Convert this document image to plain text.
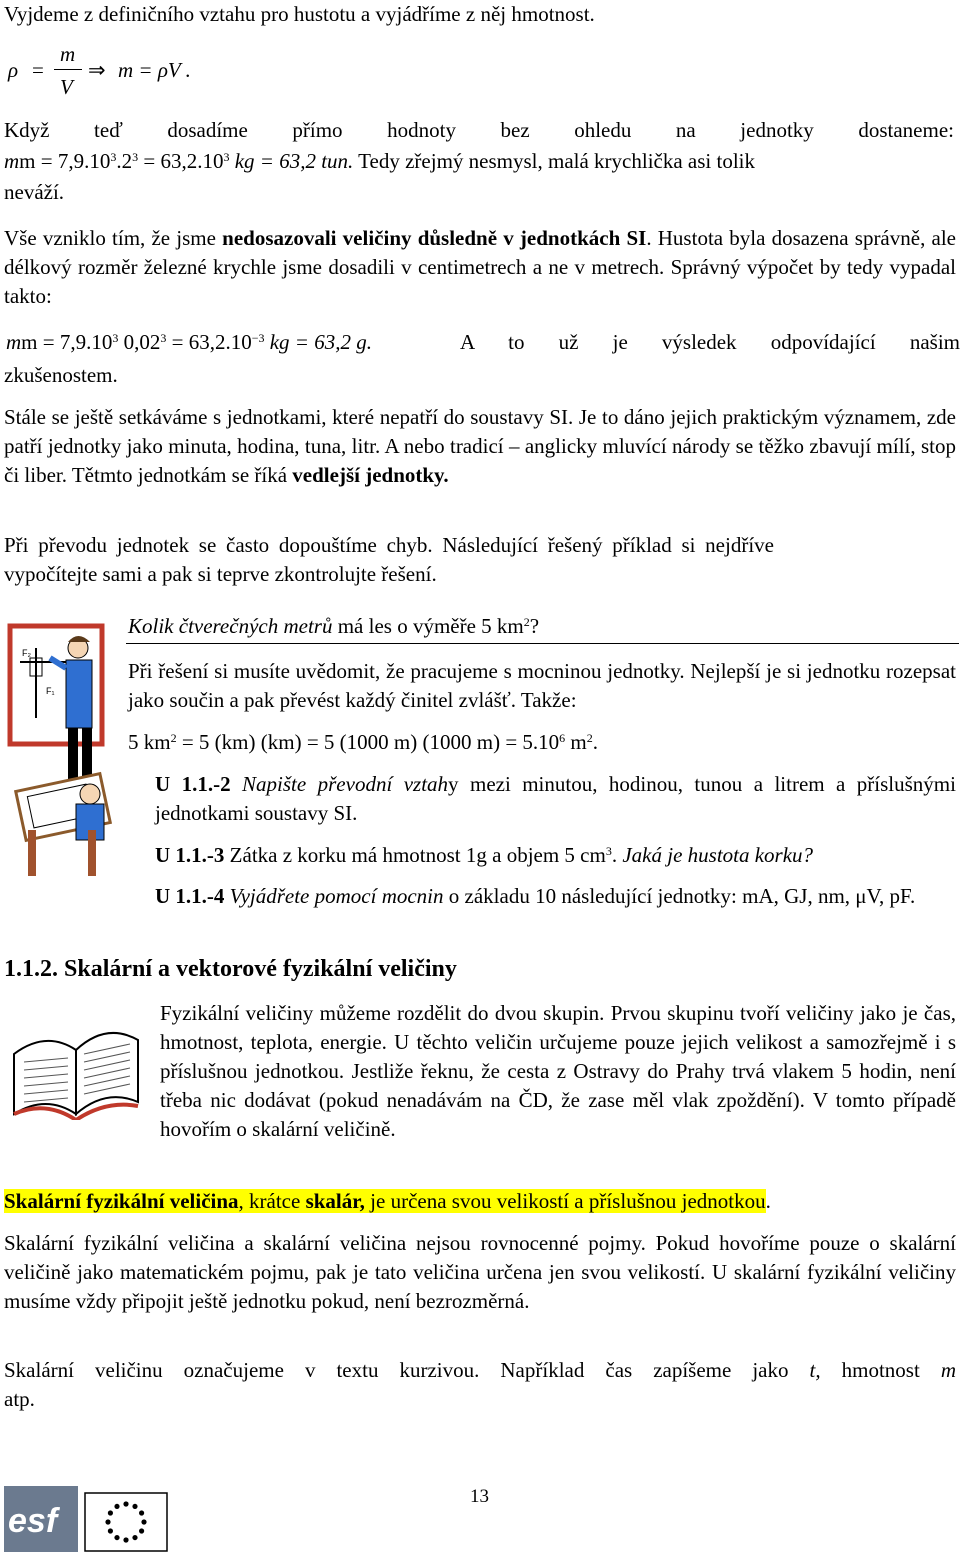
Vyjdeme z definičního vztahu pro hustotu a vyjádříme z něj hmotnost.
ρ =
m
V
⇒ m = ρV .
Když teď dosadíme přímo hodnoty bez ohledu na jednotky dostaneme:
mm = $7,9.10^3.2^3 = 63,2.10^3$ kg = 63,2 tun. Tedy zřejmý nesmysl, malá krychlička asi tolik
neváží.
Vše vzniklo tím, že jsme nedosazovali veličiny důsledně v jednotkách SI. Hustota byla dosazena správně, ale délkový rozměr železné krychle jsme dosadili v centimetrech a ne v metrech. Správný výpočet by tedy vypadal takto:
mm = $7,9.10^3$ $0,02^3 = 63,2.10^{-3}$ kg = 63,2 g.	A to už je výsledek odpovídající našim
zkušenostem.
Stále se ještě setkáváme s jednotkami, které nepatří do soustavy SI. Je to dáno jejich praktickým významem, zde patří jednotky jako minuta, hodina, tuna, litr. A nebo tradicí – anglicky mluvící národy se těžko zbavují mílí, stop či liber. Tětmto jednotkám se říká vedlejší jednotky.
Při převodu jednotek se často dopouštíme chyb. Následující řešený příklad si nejdříve vypočítejte sami a pak si teprve zkontrolujte řešení.
F₂
F₁
Kolik čtverečných metrů má les o výměře 5 $km^2$?
Při řešení si musíte uvědomit, že pracujeme s mocninou jednotky. Nejlepší je si jednotku rozepsat jako součin a pak převést každý činitel zvlášť. Takže:
5 $km^2 = 5$ (km) (km) = 5 (1000 m) (1000 $m) = 5.10^6$ $m^2$.
U 1.1.-2 Napište převodní vztahy mezi minutou, hodinou, tunou a litrem a příslušnými jednotkami soustavy SI.
U 1.1.-3 Zátka z korku má hmotnost 1g a objem 5 $cm^3$. Jaká je hustota korku?
U 1.1.-4 Vyjádřete pomocí mocnin o základu 10 následující jednotky: mA, GJ, nm, μV, pF.
1.1.2. Skalární a vektorové fyzikální veličiny
Fyzikální veličiny můžeme rozdělit do dvou skupin. Prvou skupinu tvoří veličiny jako je čas, hmotnost, teplota, energie. U těchto veličin určujeme pouze jejich velikost a samozřejmě i s příslušnou jednotkou. Jestliže řeknu, že cesta z Ostravy do Prahy trvá vlakem 5 hodin, není třeba nic dodávat (pokud nenadávám na ČD, že zase měl vlak zpoždění). V tomto případě hovořím o skalární veličině.
Skalární fyzikální veličina, krátce skalár, je určena svou velikostí a příslušnou jednotkou.
Skalární fyzikální veličina a skalární veličina nejsou rovnocenné pojmy. Pokud hovoříme pouze o skalární veličině jako matematickém pojmu, pak je tato veličina určena jen svou velikostí. U skalární fyzikální veličiny musíme vždy připojit ještě jednotku pokud, není bezrozměrná.
Skalární veličinu označujeme v textu kurzivou. Například čas zapíšeme jako t, hmotnost m
atp.
13
esf
